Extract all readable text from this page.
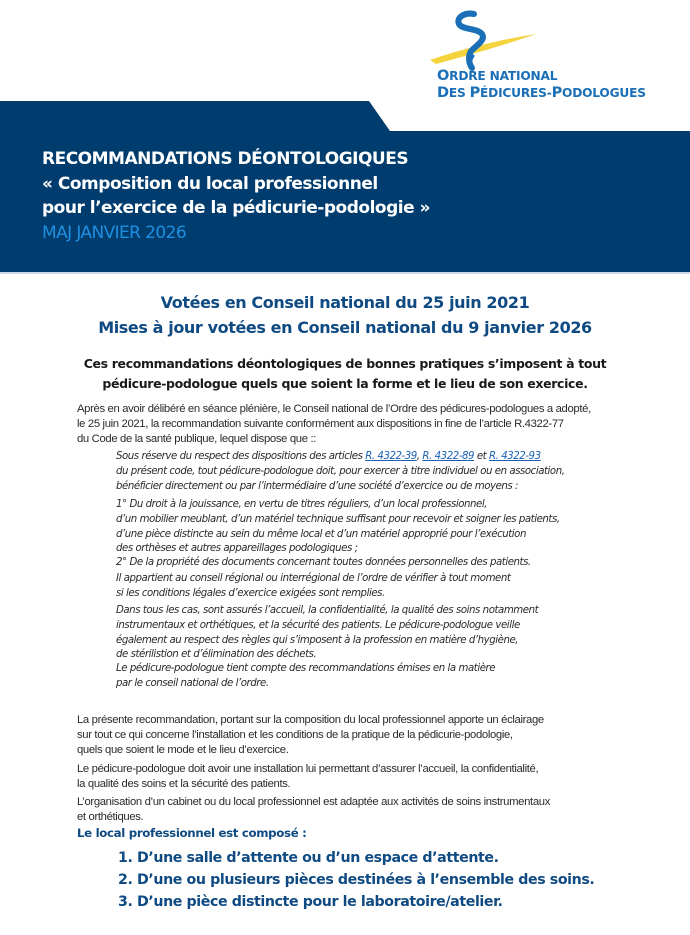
ORDRE NATIONAL
DES PÉDICURES-PODOLOGUES
RECOMMANDATIONS DÉONTOLOGIQUES
« Composition du local professionnel
pour l’exercice de la pédicurie-podologie »
MAJ JANVIER 2026
Votées en Conseil national du 25 juin 2021
Mises à jour votées en Conseil national du 9 janvier 2026
Ces recommandations déontologiques de bonnes pratiques s’imposent à tout
pédicure-podologue quels que soient la forme et le lieu de son exercice.
Après en avoir délibéré en séance plénière, le Conseil national de l’Ordre des pédicures-podologues a adopté,
le 25 juin 2021, la recommandation suivante conformément aux dispositions in fine de l’article R.4322-77
du Code de la santé publique, lequel dispose que ::
Sous réserve du respect des dispositions des articles R. 4322-39, R. 4322-89 et R. 4322-93
du présent code, tout pédicure-podologue doit, pour exercer à titre individuel ou en association,
bénéficier directement ou par l’intermédiaire d’une société d’exercice ou de moyens :
1° Du droit à la jouissance, en vertu de titres réguliers, d’un local professionnel,
d’un mobilier meublant, d’un matériel technique suffisant pour recevoir et soigner les patients,
d’une pièce distincte au sein du même local et d’un matériel approprié pour l’exécution
des orthèses et autres appareillages podologiques ;
2° De la propriété des documents concernant toutes données personnelles des patients.
Il appartient au conseil régional ou interrégional de l’ordre de vérifier à tout moment
si les conditions légales d’exercice exigées sont remplies.
Dans tous les cas, sont assurés l’accueil, la confidentialité, la qualité des soins notamment
instrumentaux et orthétiques, et la sécurité des patients. Le pédicure-podologue veille
également au respect des règles qui s’imposent à la profession en matière d’hygiène,
de stérilistion et d’élimination des déchets.
Le pédicure-podologue tient compte des recommandations émises en la matière
par le conseil national de l’ordre.
La présente recommandation, portant sur la composition du local professionnel apporte un éclairage
sur tout ce qui concerne l’installation et les conditions de la pratique de la pédicurie-podologie,
quels que soient le mode et le lieu d’exercice.
Le pédicure-podologue doit avoir une installation lui permettant d’assurer l’accueil, la confidentialité,
la qualité des soins et la sécurité des patients.
L’organisation d’un cabinet ou du local professionnel est adaptée aux activités de soins instrumentaux
et orthétiques.
Le local professionnel est composé :
1. D’une salle d’attente ou d’un espace d’attente.
2. D’une ou plusieurs pièces destinées à l’ensemble des soins.
3. D’une pièce distincte pour le laboratoire/atelier.
